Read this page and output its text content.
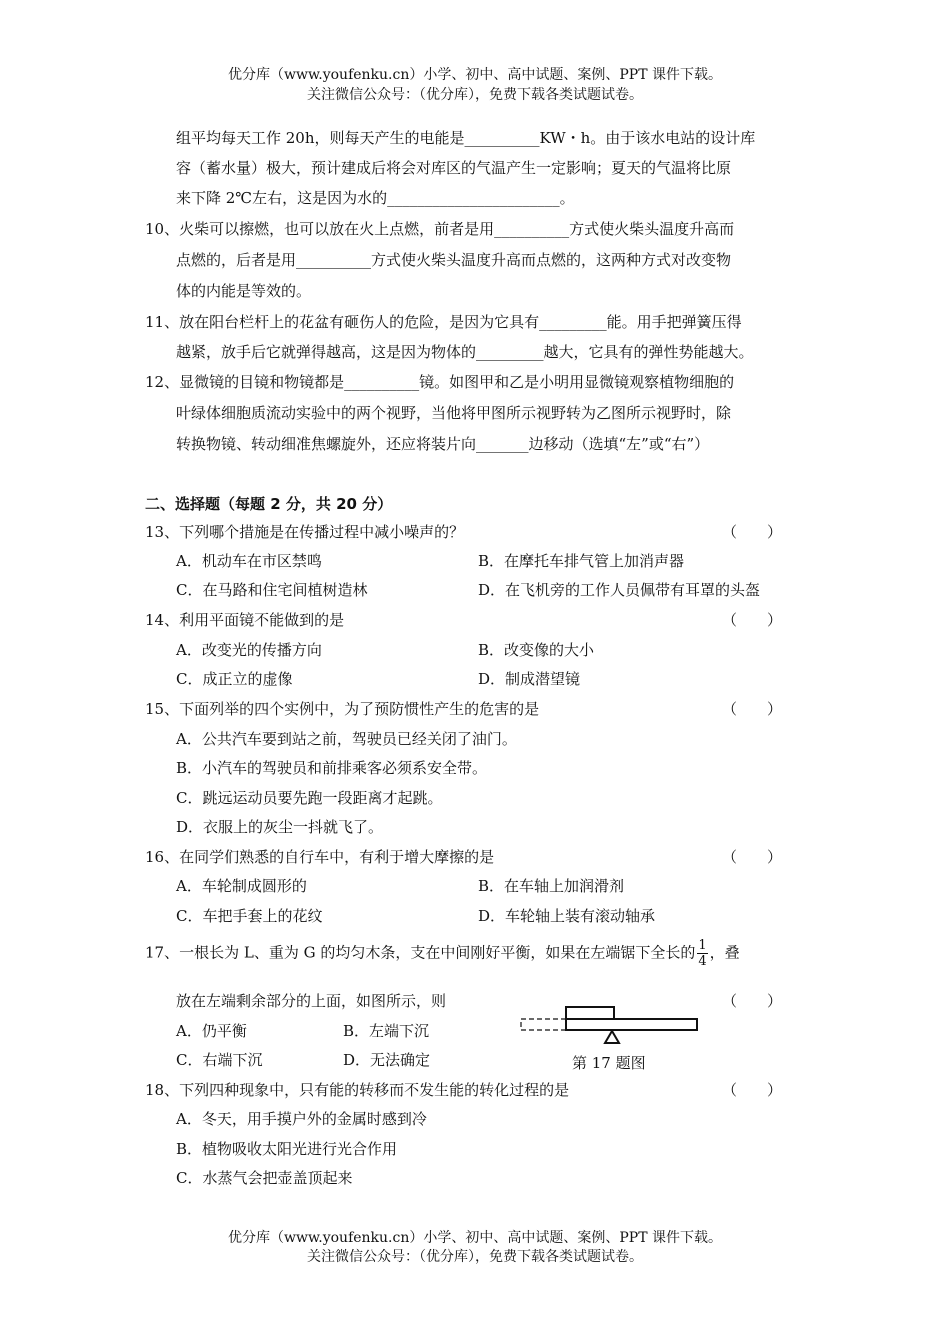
优分库（www.youfenku.cn）小学、初中、高中试题、案例、PPT 课件下载。
关注微信公众号：（优分库），免费下载各类试题试卷。
组平均每天工作 20h，则每天产生的电能是__________KW・h。由于该水电站的设计库
容（蓄水量）极大，预计建成后将会对库区的气温产生一定影响；夏天的气温将比原
来下降 2℃左右，这是因为水的_______________________。
10、火柴可以擦燃，也可以放在火上点燃，前者是用__________方式使火柴头温度升高而
点燃的，后者是用__________方式使火柴头温度升高而点燃的，这两种方式对改变物
体的内能是等效的。
11、放在阳台栏杆上的花盆有砸伤人的危险，是因为它具有_________能。用手把弹簧压得
越紧，放手后它就弹得越高，这是因为物体的_________越大，它具有的弹性势能越大。
12、显微镜的目镜和物镜都是__________镜。如图甲和乙是小明用显微镜观察植物细胞的
叶绿体细胞质流动实验中的两个视野，当他将甲图所示视野转为乙图所示视野时，除
转换物镜、转动细准焦螺旋外，还应将装片向_______边移动（选填“左”或“右”）
二、选择题（每题 2 分，共 20 分）
13、下列哪个措施是在传播过程中减小噪声的？	（　　）
A．机动车在市区禁鸣	B．在摩托车排气管上加消声器
C．在马路和住宅间植树造林	D．在飞机旁的工作人员佩带有耳罩的头盔
14、利用平面镜不能做到的是	（　　）
A．改变光的传播方向	B．改变像的大小
C．成正立的虚像	D．制成潜望镜
15、下面列举的四个实例中，为了预防惯性产生的危害的是	（　　）
A．公共汽车要到站之前，驾驶员已经关闭了油门。
B．小汽车的驾驶员和前排乘客必须系安全带。
C．跳远运动员要先跑一段距离才起跳。
D．衣服上的灰尘一抖就飞了。
16、在同学们熟悉的自行车中，有利于增大摩擦的是	（　　）
A．车轮制成圆形的	B．在车轴上加润滑剂
C．车把手套上的花纹	D．车轮轴上装有滚动轴承
17、一根长为 L、重为 G 的均匀木条，支在中间刚好平衡，如果在左端锯下全长的 $\frac{1}{4}$ ，叠
放在左端剩余部分的上面，如图所示，则	（　　）
A．仍平衡	B．左端下沉
C．右端下沉	D．无法确定	第 17 题图
18、下列四种现象中，只有能的转移而不发生能的转化过程的是	（　　）
A．冬天，用手摸户外的金属时感到冷
B．植物吸收太阳光进行光合作用
C．水蒸气会把壶盖顶起来
优分库（www.youfenku.cn）小学、初中、高中试题、案例、PPT 课件下载。
关注微信公众号：（优分库），免费下载各类试题试卷。
